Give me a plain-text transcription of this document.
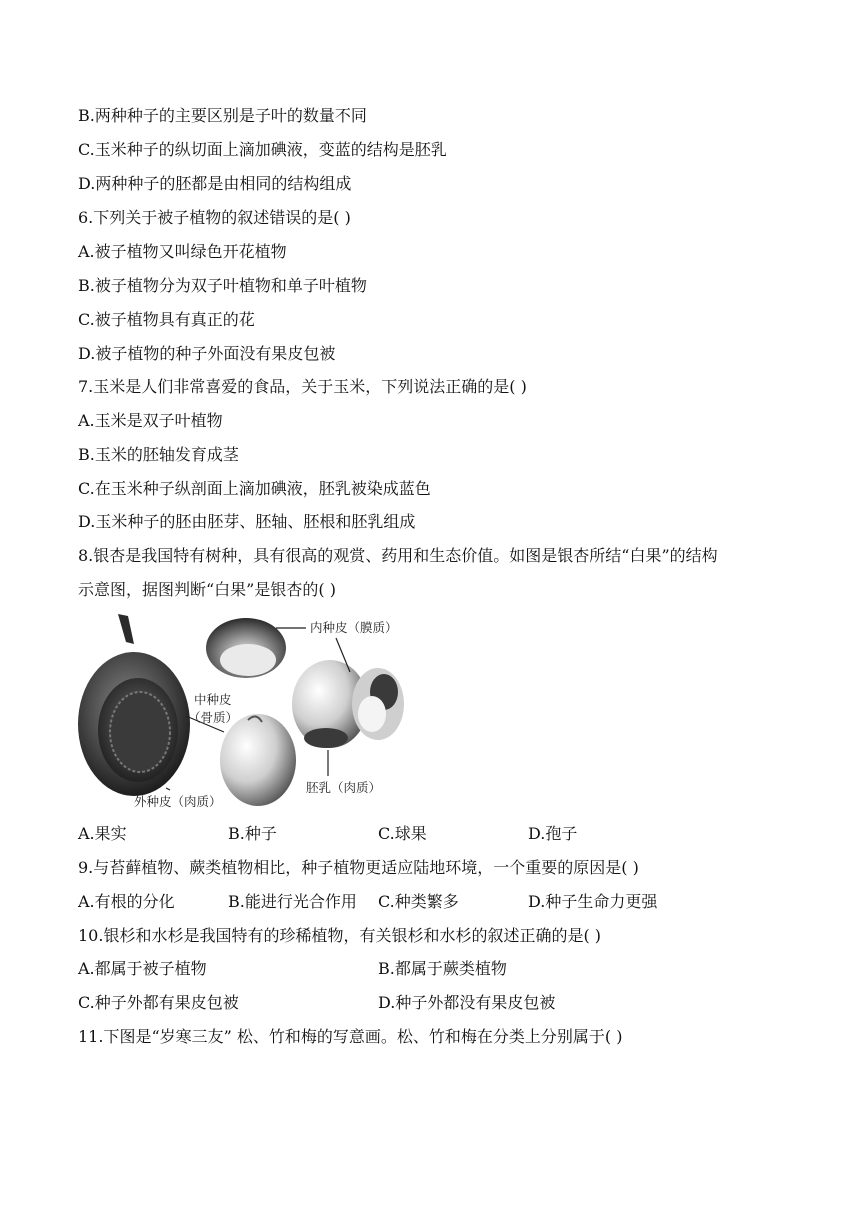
B.两种种子的主要区别是子叶的数量不同
C.玉米种子的纵切面上滴加碘液，变蓝的结构是胚乳
D.两种种子的胚都是由相同的结构组成
6.下列关于被子植物的叙述错误的是( )
A.被子植物又叫绿色开花植物
B.被子植物分为双子叶植物和单子叶植物
C.被子植物具有真正的花
D.被子植物的种子外面没有果皮包被
7.玉米是人们非常喜爱的食品，关于玉米，下列说法正确的是( )
A.玉米是双子叶植物
B.玉米的胚轴发育成茎
C.在玉米种子纵剖面上滴加碘液，胚乳被染成蓝色
D.玉米种子的胚由胚芽、胚轴、胚根和胚乳组成
8.银杏是我国特有树种，具有很高的观赏、药用和生态价值。如图是银杏所结“白果”的结构
示意图，据图判断“白果”是银杏的( )
内种皮（膜质）
中种皮
（骨质）
胚乳（肉质）
外种皮（肉质）
A.果实	B.种子	C.球果	D.孢子
9.与苔藓植物、蕨类植物相比，种子植物更适应陆地环境，一个重要的原因是( )
A.有根的分化	B.能进行光合作用 C.种类繁多	D.种子生命力更强
10.银杉和水杉是我国特有的珍稀植物，有关银杉和水杉的叙述正确的是( )
A.都属于被子植物	B.都属于蕨类植物
C.种子外都有果皮包被	D.种子外都没有果皮包被
11.下图是“岁寒三友” 松、竹和梅的写意画。松、竹和梅在分类上分别属于( )
